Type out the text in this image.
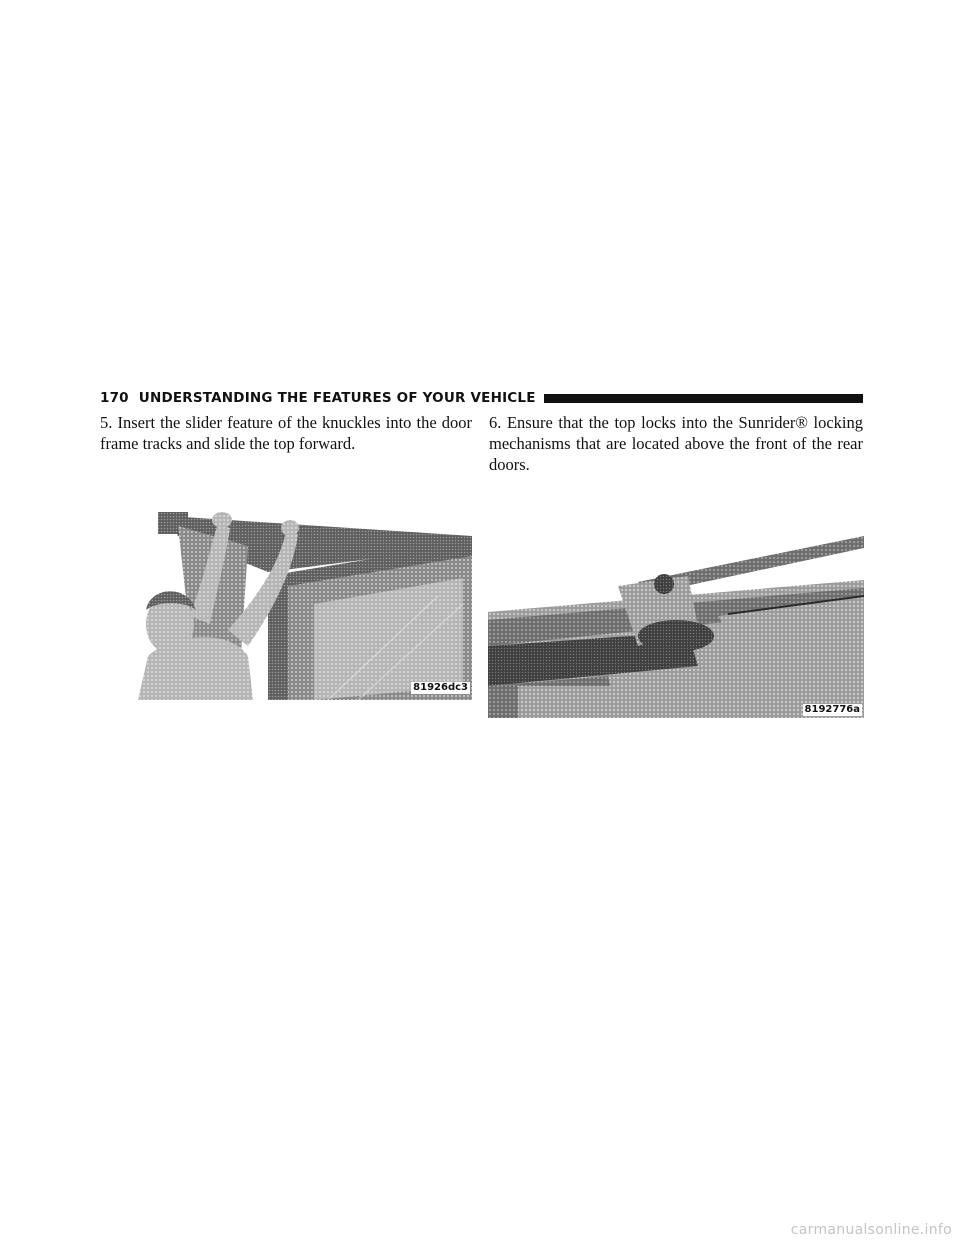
170 UNDERSTANDING THE FEATURES OF YOUR VEHICLE

5. Insert the slider feature of the knuckles into the door frame tracks and slide the top forward.

6. Ensure that the top locks into the Sunrider® locking mechanisms that are located above the front of the rear doors.

81926dc3
8192776a
carmanualsonline.info
